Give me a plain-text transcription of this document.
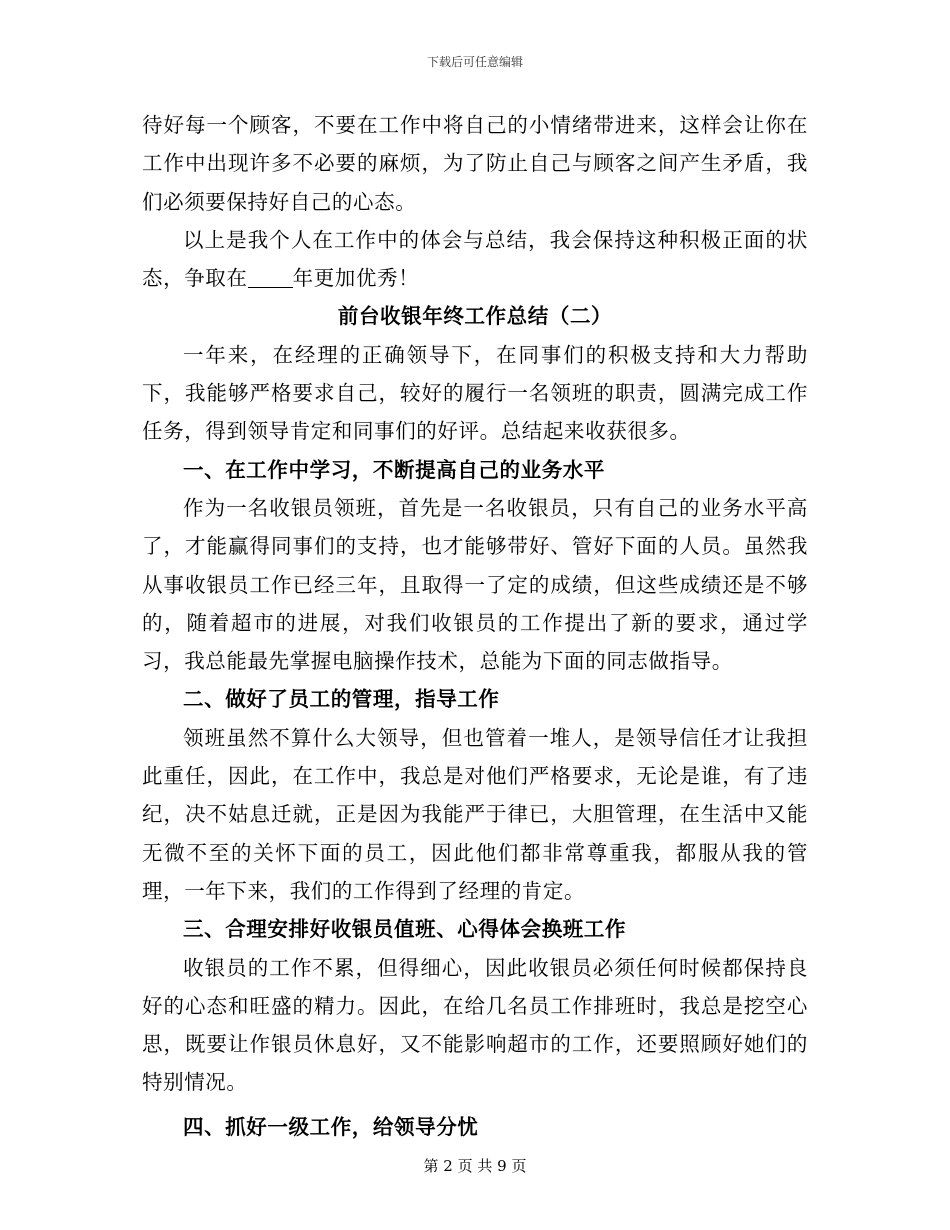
下载后可任意编辑

待好每一个顾客，不要在工作中将自己的小情绪带进来，这样会让你在工作中出现许多不必要的麻烦，为了防止自己与顾客之间产生矛盾，我们必须要保持好自己的心态。

以上是我个人在工作中的体会与总结，我会保持这种积极正面的状态，争取在 年更加优秀！

前台收银年终工作总结（二）

一年来，在经理的正确领导下，在同事们的积极支持和大力帮助下，我能够严格要求自己，较好的履行一名领班的职责，圆满完成工作任务，得到领导肯定和同事们的好评。总结起来收获很多。

一、在工作中学习，不断提高自己的业务水平

作为一名收银员领班，首先是一名收银员，只有自己的业务水平高了，才能赢得同事们的支持，也才能够带好、管好下面的人员。虽然我从事收银员工作已经三年，且取得一了定的成绩，但这些成绩还是不够的，随着超市的进展，对我们收银员的工作提出了新的要求，通过学习，我总能最先掌握电脑操作技术，总能为下面的同志做指导。

二、做好了员工的管理，指导工作

领班虽然不算什么大领导，但也管着一堆人，是领导信任才让我担此重任，因此，在工作中，我总是对他们严格要求，无论是谁，有了违纪，决不姑息迁就，正是因为我能严于律已，大胆管理，在生活中又能无微不至的关怀下面的员工，因此他们都非常尊重我，都服从我的管理，一年下来，我们的工作得到了经理的肯定。

三、合理安排好收银员值班、心得体会换班工作

收银员的工作不累，但得细心，因此收银员必须任何时候都保持良好的心态和旺盛的精力。因此，在给几名员工作排班时，我总是挖空心思，既要让作银员休息好，又不能影响超市的工作，还要照顾好她们的特别情况。

四、抓好一级工作，给领导分忧
第 2 页 共 9 页
